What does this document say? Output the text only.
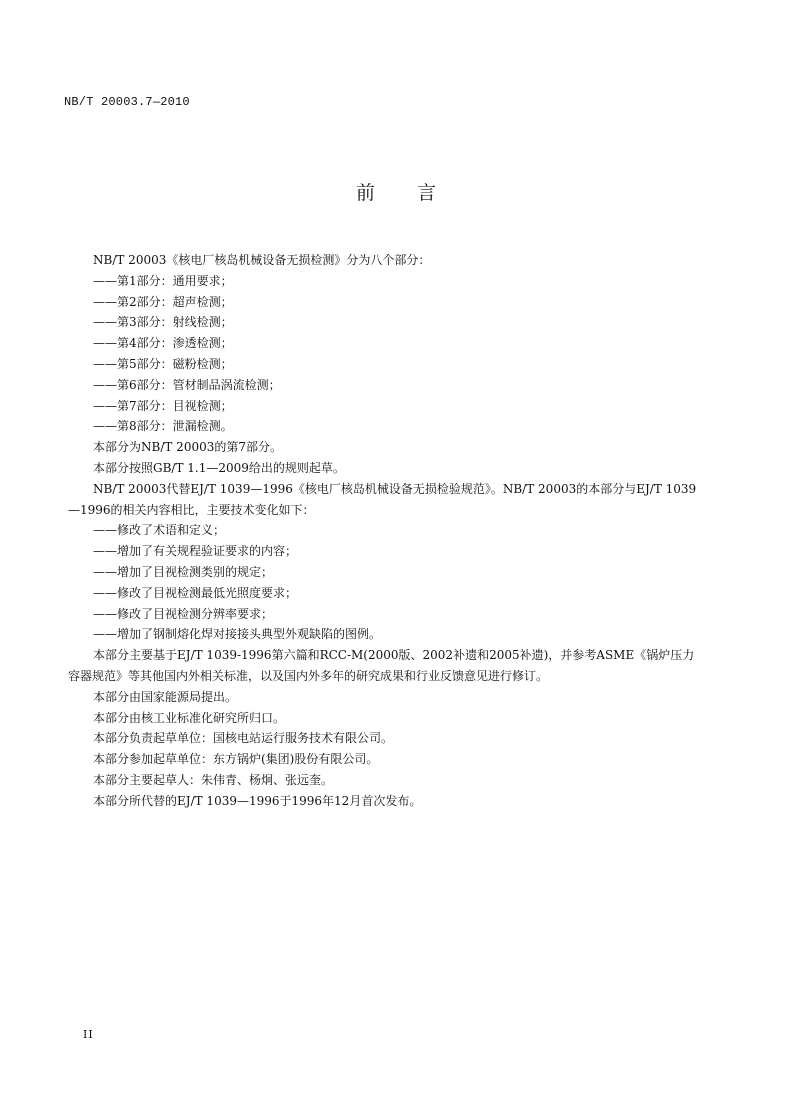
NB/T 20003.7—2010
前言

NB/T 20003《核电厂核岛机械设备无损检测》分为八个部分：

——第1部分：通用要求；

——第2部分：超声检测；

——第3部分：射线检测；

——第4部分：渗透检测；

——第5部分：磁粉检测；

——第6部分：管材制品涡流检测；

——第7部分：目视检测；

——第8部分：泄漏检测。

本部分为NB/T 20003的第7部分。

本部分按照GB/T 1.1—2009给出的规则起草。

NB/T 20003代替EJ/T 1039—1996《核电厂核岛机械设备无损检验规范》。NB/T 20003的本部分与EJ/T 1039—1996的相关内容相比，主要技术变化如下：

——修改了术语和定义；

——增加了有关规程验证要求的内容；

——增加了目视检测类别的规定；

——修改了目视检测最低光照度要求；

——修改了目视检测分辨率要求；

——增加了钢制熔化焊对接接头典型外观缺陷的图例。

本部分主要基于EJ/T 1039-1996第六篇和RCC-M(2000版、2002补遗和2005补遗)，并参考ASME《锅炉压力容器规范》等其他国内外相关标准，以及国内外多年的研究成果和行业反馈意见进行修订。

本部分由国家能源局提出。

本部分由核工业标准化研究所归口。

本部分负责起草单位：国核电站运行服务技术有限公司。

本部分参加起草单位：东方锅炉(集团)股份有限公司。

本部分主要起草人：朱伟青、杨炯、张远奎。

本部分所代替的EJ/T 1039—1996于1996年12月首次发布。

II
